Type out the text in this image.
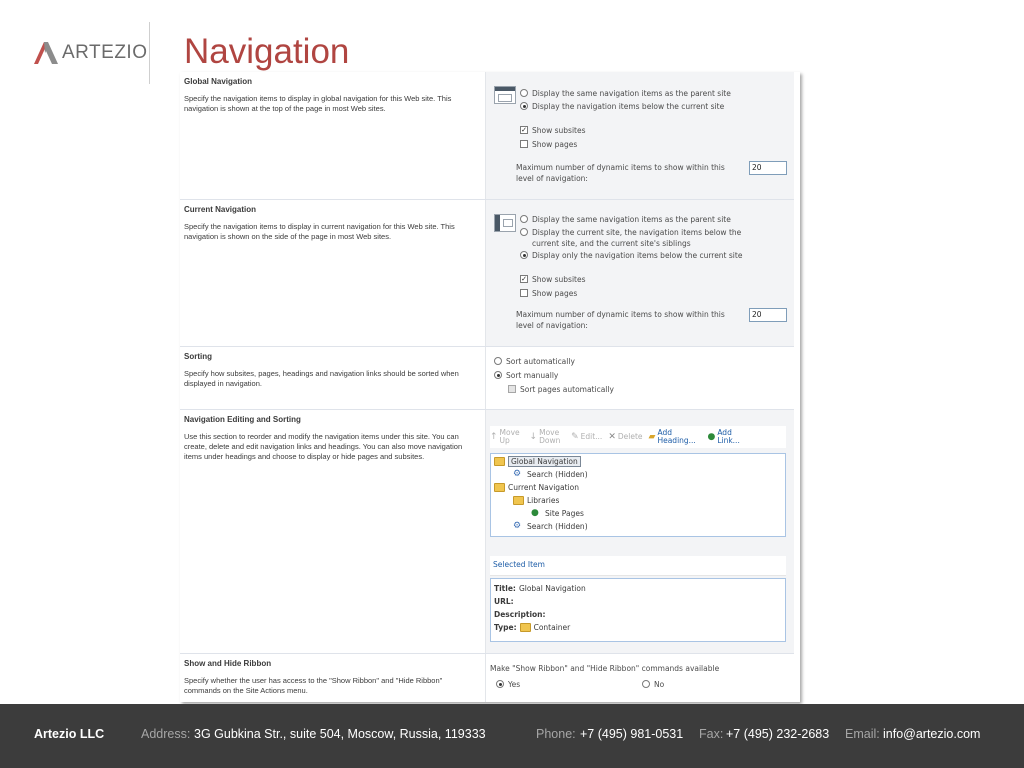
ARTEZIO Navigation
Global Navigation
Specify the navigation items to display in global navigation for this Web site. This navigation is shown at the top of the page in most Web sites.
Display the same navigation items as the parent site
Display the navigation items below the current site
✓ Show subsites
Show pages
Maximum number of dynamic items to show within this level of navigation:
20
Current Navigation
Specify the navigation items to display in current navigation for this Web site. This navigation is shown on the side of the page in most Web sites.
Display the same navigation items as the parent site
Display the current site, the navigation items below the current site, and the current site's siblings
Display only the navigation items below the current site
✓ Show subsites
Show pages
Maximum number of dynamic items to show within this level of navigation:
20
Sorting
Specify how subsites, pages, headings and navigation links should be sorted when displayed in navigation.
Sort automatically
Sort manually
Sort pages automatically
Navigation Editing and Sorting
Use this section to reorder and modify the navigation items under this site. You can create, delete and edit navigation links and headings. You can also move navigation items under headings and choose to display or hide pages and subsites.
↑ Move Up	↓ Move Down	✎ Edit... ✕ Delete ▰ Add Heading...	● Add Link...
Global Navigation
⚙ Search (Hidden)
Current Navigation
Libraries
● Site Pages
⚙ Search (Hidden)
Selected Item
Title: Global Navigation
URL:
Description:
Type: Container
Show and Hide Ribbon
Specify whether the user has access to the "Show Ribbon" and "Hide Ribbon" commands on the Site Actions menu.
Make "Show Ribbon" and "Hide Ribbon" commands available
Yes	No
Artezio LLC	Address: 3G Gubkina Str., suite 504, Moscow, Russia, 119333	Phone: +7 (495) 981-0531 Fax: +7 (495) 232-2683 Email: info@artezio.com
